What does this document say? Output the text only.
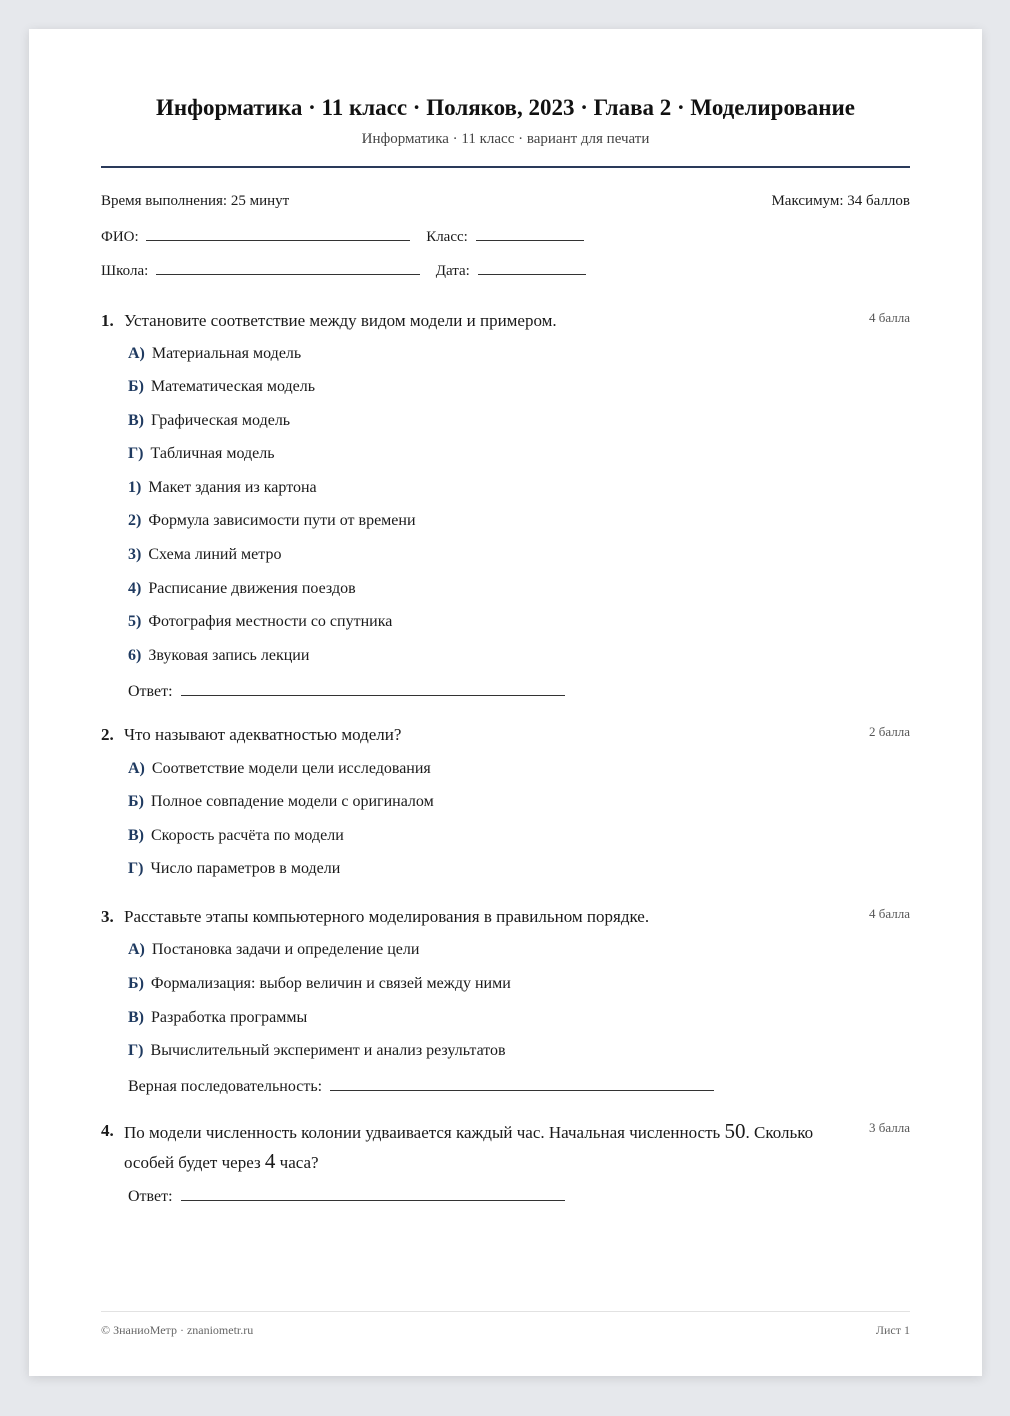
Информатика · 11 класс · Поляков, 2023 · Глава 2 · Моделирование
Информатика · 11 класс · вариант для печати
Время выполнения: 25 минут	Максимум: 34 баллов
ФИО:	Класс:
Школа:	Дата:
1. Установите соответствие между видом модели и примером.	4 балла
А) Материальная модель
Б) Математическая модель
В) Графическая модель
Г) Табличная модель
1) Макет здания из картона
2) Формула зависимости пути от времени
3) Схема линий метро
4) Расписание движения поездов
5) Фотография местности со спутника
6) Звуковая запись лекции
Ответ:
2. Что называют адекватностью модели?	2 балла
А) Соответствие модели цели исследования
Б) Полное совпадение модели с оригиналом
В) Скорость расчёта по модели
Г) Число параметров в модели
3. Расставьте этапы компьютерного моделирования в правильном порядке.	4 балла
А) Постановка задачи и определение цели
Б) Формализация: выбор величин и связей между ними
В) Разработка программы
Г) Вычислительный эксперимент и анализ результатов
Верная последовательность:
4. По модели численность колонии удваивается каждый час. Начальная численность 50. Сколько особей будет через 4 часа?
3 балла
Ответ:
© ЗнаниоМетр · znaniometr.ru	Лист 1
